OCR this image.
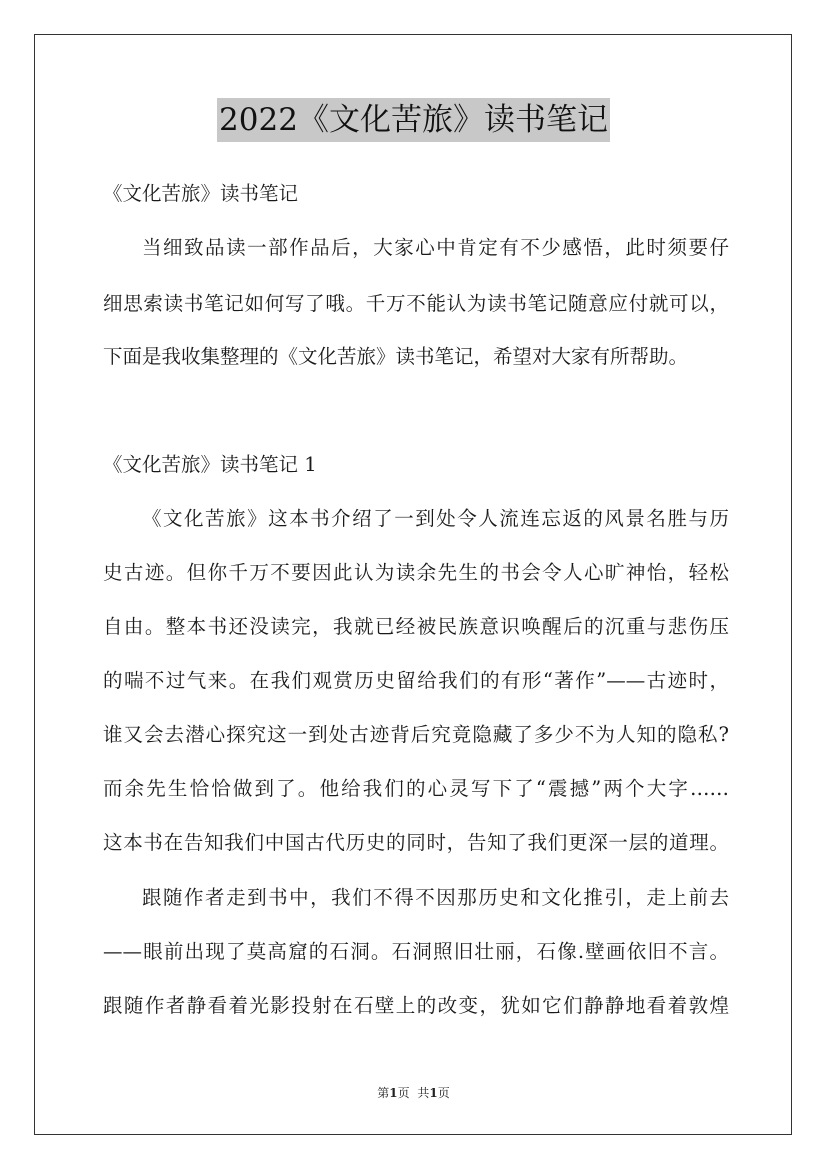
2022《文化苦旅》读书笔记
《文化苦旅》读书笔记
当细致品读一部作品后，大家心中肯定有不少感悟，此时须要仔
细思索读书笔记如何写了哦。千万不能认为读书笔记随意应付就可以，
下面是我收集整理的《文化苦旅》读书笔记，希望对大家有所帮助。
《文化苦旅》读书笔记 1
《文化苦旅》这本书介绍了一到处令人流连忘返的风景名胜与历
史古迹。但你千万不要因此认为读余先生的书会令人心旷神怡，轻松
自由。整本书还没读完，我就已经被民族意识唤醒后的沉重与悲伤压
的喘不过气来。在我们观赏历史留给我们的有形“著作”——古迹时，
谁又会去潜心探究这一到处古迹背后究竟隐藏了多少不为人知的隐私?
而余先生恰恰做到了。他给我们的心灵写下了“震撼”两个大字……
这本书在告知我们中国古代历史的同时，告知了我们更深一层的道理。
跟随作者走到书中，我们不得不因那历史和文化推引，走上前去
——眼前出现了莫高窟的石洞。石洞照旧壮丽，石像.壁画依旧不言。
跟随作者静看着光影投射在石壁上的改变，犹如它们静静地看着敦煌
第1页 共1页
